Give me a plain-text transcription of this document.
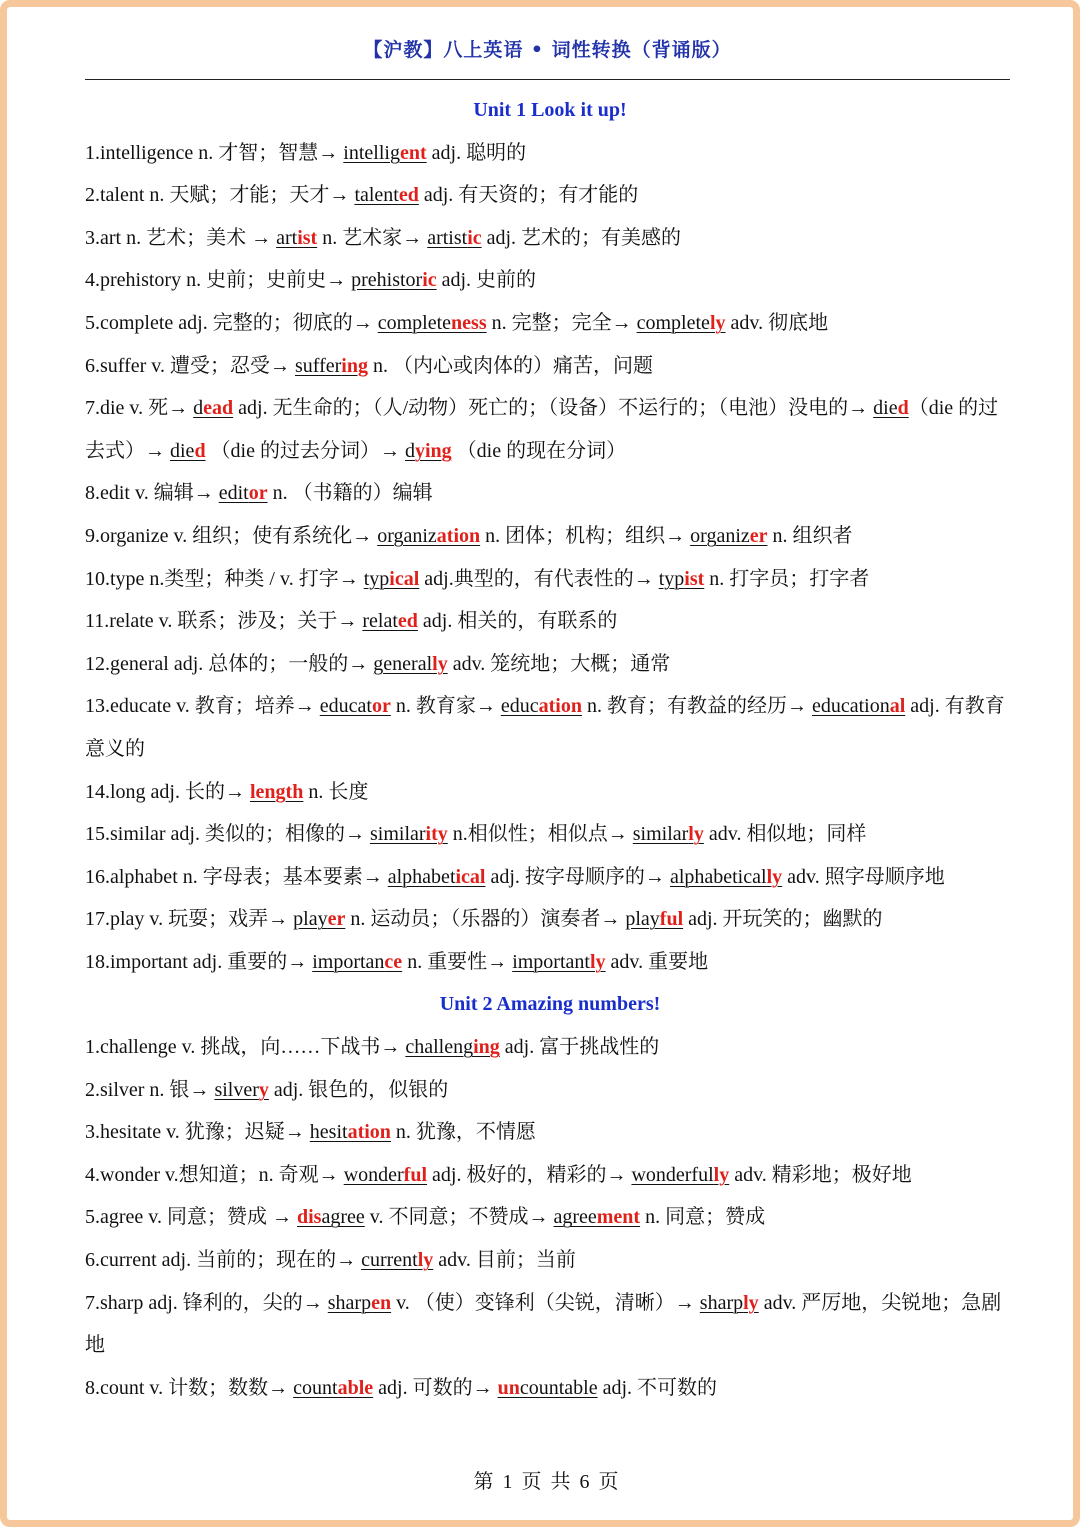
【沪教】八上英语 • 词性转换（背诵版）
Unit 1 Look it up!
1.intelligence n. 才智；智慧→ intelligent adj. 聪明的
2.talent n. 天赋；才能；天才→ talented adj. 有天资的；有才能的
3.art n. 艺术；美术 → artist n. 艺术家→ artistic adj. 艺术的；有美感的
4.prehistory n. 史前；史前史→ prehistoric adj. 史前的
5.complete adj. 完整的；彻底的→ completeness n. 完整；完全→ completely adv. 彻底地
6.suffer v. 遭受；忍受→ suffering n. （内心或肉体的）痛苦，问题
7.die v. 死→ dead adj. 无生命的；（人/动物）死亡的；（设备）不运行的；（电池）没电的→ died（die 的过去式）→ died （die 的过去分词）→ dying （die 的现在分词）
8.edit v. 编辑→ editor n. （书籍的）编辑
9.organize v. 组织；使有系统化→ organization n. 团体；机构；组织→ organizer n. 组织者
10.type n.类型；种类 / v. 打字→ typical adj.典型的，有代表性的→ typist n. 打字员；打字者
11.relate v. 联系；涉及；关于→ related adj. 相关的，有联系的
12.general adj. 总体的；一般的→ generally adv. 笼统地；大概；通常
13.educate v. 教育；培养→ educator n. 教育家→ education n. 教育；有教益的经历→ educational adj. 有教育意义的
14.long adj. 长的→ length n. 长度
15.similar adj. 类似的；相像的→ similarity n.相似性；相似点→ similarly adv. 相似地；同样
16.alphabet n. 字母表；基本要素→ alphabetical adj. 按字母顺序的→ alphabetically adv. 照字母顺序地
17.play v. 玩耍；戏弄→ player n. 运动员；（乐器的）演奏者→ playful adj. 开玩笑的；幽默的
18.important adj. 重要的→ importance n. 重要性→ importantly adv. 重要地
Unit 2 Amazing numbers!
1.challenge v. 挑战，向……下战书→ challenging adj. 富于挑战性的
2.silver n. 银→ silvery adj. 银色的，似银的
3.hesitate v. 犹豫；迟疑→ hesitation n. 犹豫，不情愿
4.wonder v.想知道；n. 奇观→ wonderful adj. 极好的，精彩的→ wonderfully adv. 精彩地；极好地
5.agree v. 同意；赞成 → disagree v. 不同意；不赞成→ agreement n. 同意；赞成
6.current adj. 当前的；现在的→ currently adv. 目前；当前
7.sharp adj. 锋利的，尖的→ sharpen v. （使）变锋利（尖锐，清晰）→ sharply adv. 严厉地，尖锐地；急剧地
8.count v. 计数；数数→ countable adj. 可数的→ uncountable adj. 不可数的
第 1 页 共 6 页
